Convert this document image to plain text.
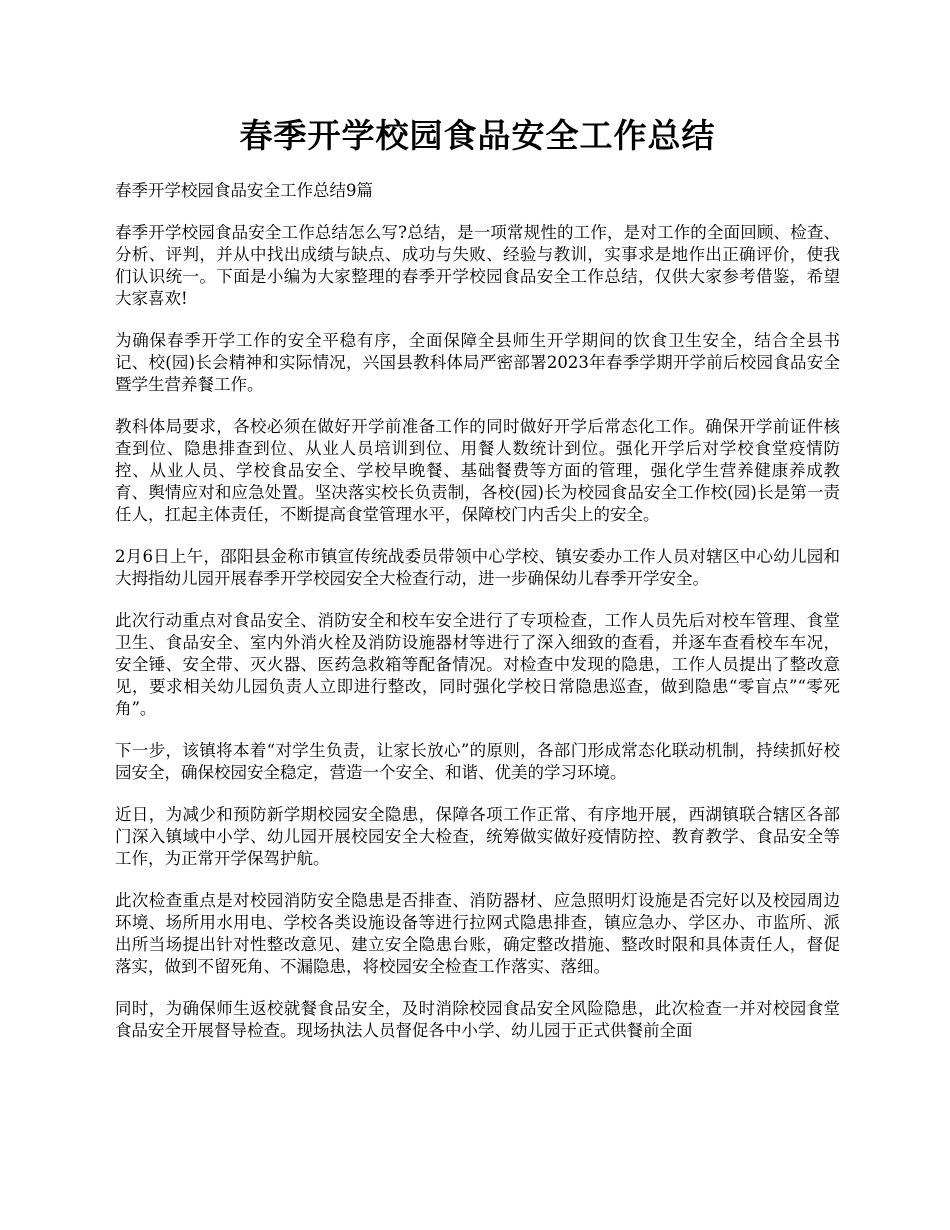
春季开学校园食品安全工作总结

春季开学校园食品安全工作总结9篇

春季开学校园食品安全工作总结怎么写?总结，是一项常规性的工作，是对工作的全面回顾、检查、分析、评判，并从中找出成绩与缺点、成功与失败、经验与教训，实事求是地作出正确评价，使我们认识统一。下面是小编为大家整理的春季开学校园食品安全工作总结，仅供大家参考借鉴，希望大家喜欢!

为确保春季开学工作的安全平稳有序，全面保障全县师生开学期间的饮食卫生安全，结合全县书记、校(园)长会精神和实际情况，兴国县教科体局严密部署2023年春季学期开学前后校园食品安全暨学生营养餐工作。

教科体局要求，各校必须在做好开学前准备工作的同时做好开学后常态化工作。确保开学前证件核查到位、隐患排查到位、从业人员培训到位、用餐人数统计到位。强化开学后对学校食堂疫情防控、从业人员、学校食品安全、学校早晚餐、基础餐费等方面的管理，强化学生营养健康养成教育、舆情应对和应急处置。坚决落实校长负责制，各校(园)长为校园食品安全工作校(园)长是第一责任人，扛起主体责任，不断提高食堂管理水平，保障校门内舌尖上的安全。

2月6日上午，邵阳县金称市镇宣传统战委员带领中心学校、镇安委办工作人员对辖区中心幼儿园和大拇指幼儿园开展春季开学校园安全大检查行动，进一步确保幼儿春季开学安全。

此次行动重点对食品安全、消防安全和校车安全进行了专项检查，工作人员先后对校车管理、食堂卫生、食品安全、室内外消火栓及消防设施器材等进行了深入细致的查看，并逐车查看校车车况，安全锤、安全带、灭火器、医药急救箱等配备情况。对检查中发现的隐患，工作人员提出了整改意见，要求相关幼儿园负责人立即进行整改，同时强化学校日常隐患巡查，做到隐患“零盲点”“零死角”。

下一步，该镇将本着“对学生负责，让家长放心”的原则，各部门形成常态化联动机制，持续抓好校园安全，确保校园安全稳定，营造一个安全、和谐、优美的学习环境。

近日，为减少和预防新学期校园安全隐患，保障各项工作正常、有序地开展，西湖镇联合辖区各部门深入镇域中小学、幼儿园开展校园安全大检查，统筹做实做好疫情防控、教育教学、食品安全等工作，为正常开学保驾护航。

此次检查重点是对校园消防安全隐患是否排查、消防器材、应急照明灯设施是否完好以及校园周边环境、场所用水用电、学校各类设施设备等进行拉网式隐患排查，镇应急办、学区办、市监所、派出所当场提出针对性整改意见、建立安全隐患台账，确定整改措施、整改时限和具体责任人，督促落实，做到不留死角、不漏隐患，将校园安全检查工作落实、落细。

同时，为确保师生返校就餐食品安全，及时消除校园食品安全风险隐患，此次检查一并对校园食堂食品安全开展督导检查。现场执法人员督促各中小学、幼儿园于正式供餐前全面
